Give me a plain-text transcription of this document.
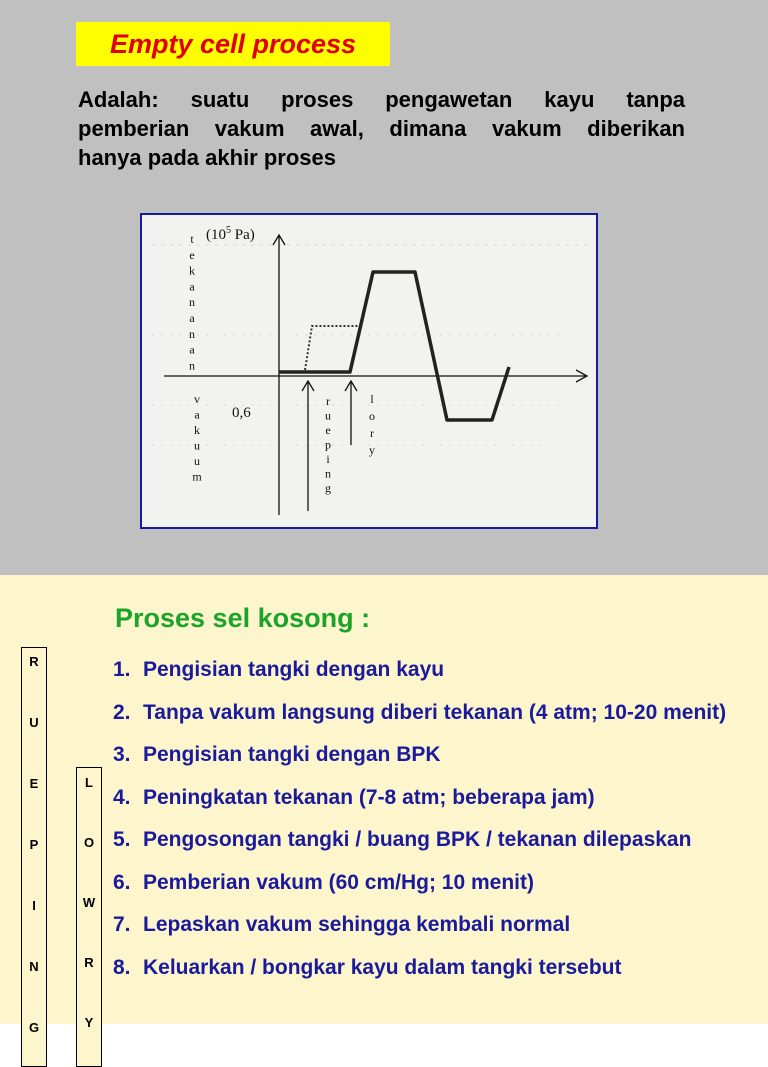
Empty cell process
Adalah: suatu proses pengawetan kayu tanpa
pemberian vakum awal, dimana vakum diberikan
hanya pada akhir proses
($10^5$ Pa)
t
e
k
a
n
a
n
a
n
v
a
k
u
u
m
0,6
r
u
e
p
i
n
g
l
o
r
y
Proses sel kosong :
1. Pengisian tangki dengan kayu
2. Tanpa vakum langsung diberi tekanan (4 atm; 10-20 menit)
3. Pengisian tangki dengan BPK
4. Peningkatan tekanan (7-8 atm; beberapa jam)
5. Pengosongan tangki / buang BPK / tekanan dilepaskan
6. Pemberian vakum (60 cm/Hg; 10 menit)
7. Lepaskan vakum sehingga kembali normal
8. Keluarkan / bongkar kayu dalam tangki tersebut
R
U
E
P
I
N
G
L
O
W
R
Y
